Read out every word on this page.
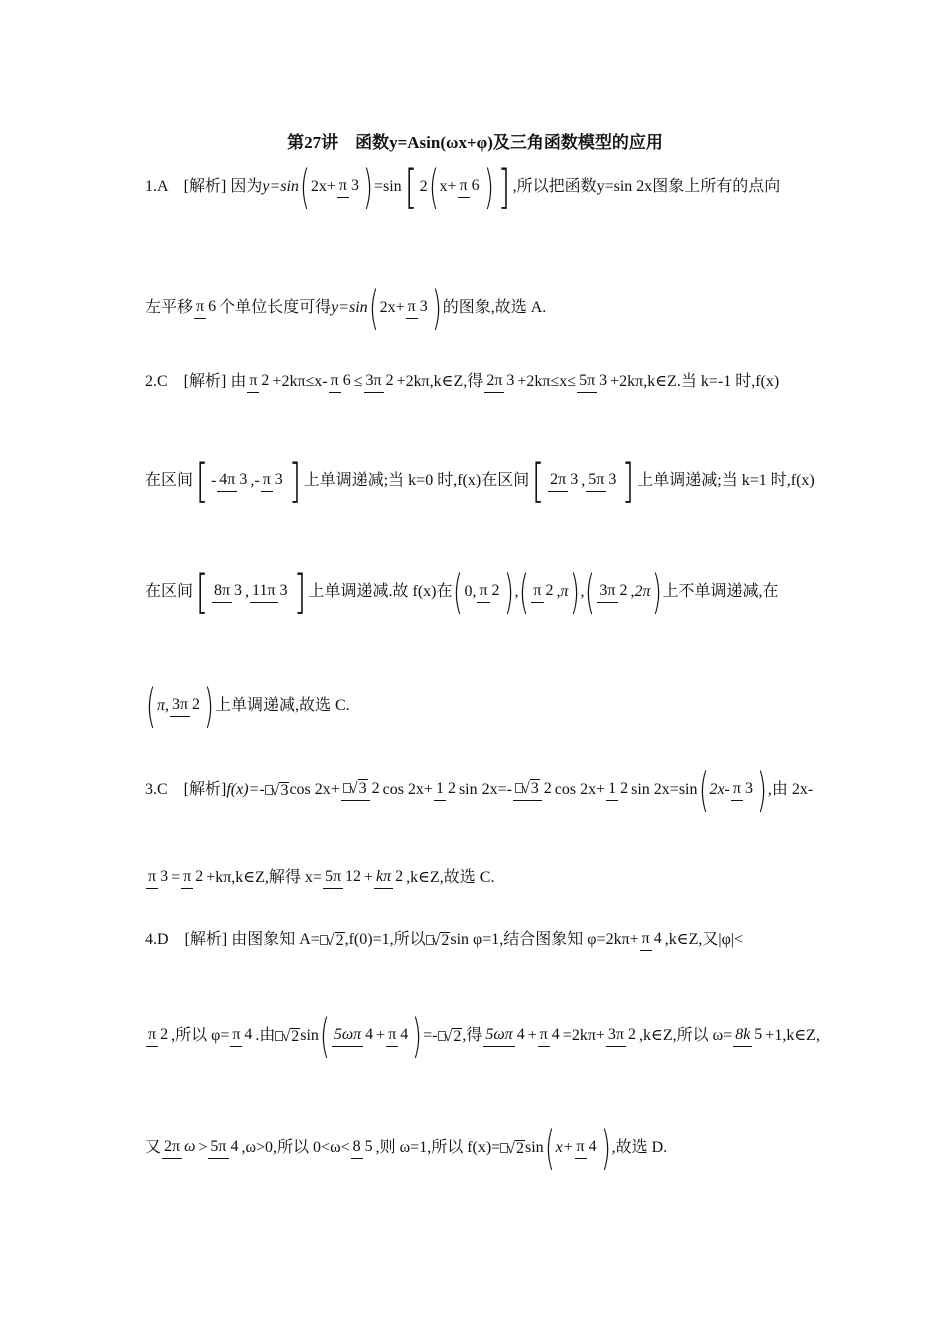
第27讲　函数y=Asin(ωx+φ)及三角函数模型的应用
1.A　[解析] 因为 y=sin ( 2x+ π 3 ) =sin [ 2 ( x+ π 6 ) ] ,所以把函数y=sin 2x图象上所有的点向
左平移 π 6 个单位长度可得 y=sin ( 2x+ π 3 ) 的图象,故选 A.
2.C　[解析] 由 π 2 +2kπ≤x- π 6 ≤ 3π 2 +2kπ,k∈Z,得 2π 3 +2kπ≤x≤ 5π 3 +2kπ,k∈Z.当 k=-1 时,f(x)
在区间 [ - 4π 3 , - π 3 ] 上单调递减;当 k=0 时,f(x)在区间 [ 2π 3 , 5π 3 ] 上单调递减;当 k=1 时,f(x)
在区间 [ 8π 3 , 11π 3 ] 上单调递减.故 f(x)在 ( 0 , π 2 ) , ( π 2 , π ) , ( 3π 2 , 2π ) 上不单调递减,在
( π , 3π 2 ) 上单调递减,故选 C.
3.C　[解析] f(x)=- √3 cos 2x+ √3 2 cos 2x+ 1 2 sin 2x=- √3 2 cos 2x+ 1 2 sin 2x=sin ( 2x- π 3 ) ,由 2x-
π 3 = π 2 +kπ,k∈Z,解得 x= 5π 12 + kπ 2 ,k∈Z,故选 C.
4.D　[解析] 由图象知 A= √2 ,f(0)=1,所以 √2 sin φ=1,结合图象知 φ=2kπ+ π 4 ,k∈Z,又|φ|<
π 2 ,所以 φ= π 4 .由 √2 sin ( 5ωπ 4 + π 4 ) =- √2 ,得 5ωπ 4 + π 4 =2kπ+ 3π 2 ,k∈Z,所以 ω= 8k 5 +1,k∈Z,
又 2π ω > 5π 4 ,ω>0,所以 0<ω< 8 5 ,则 ω=1,所以 f(x)= √2 sin ( x+ π 4 ) ,故选 D.
